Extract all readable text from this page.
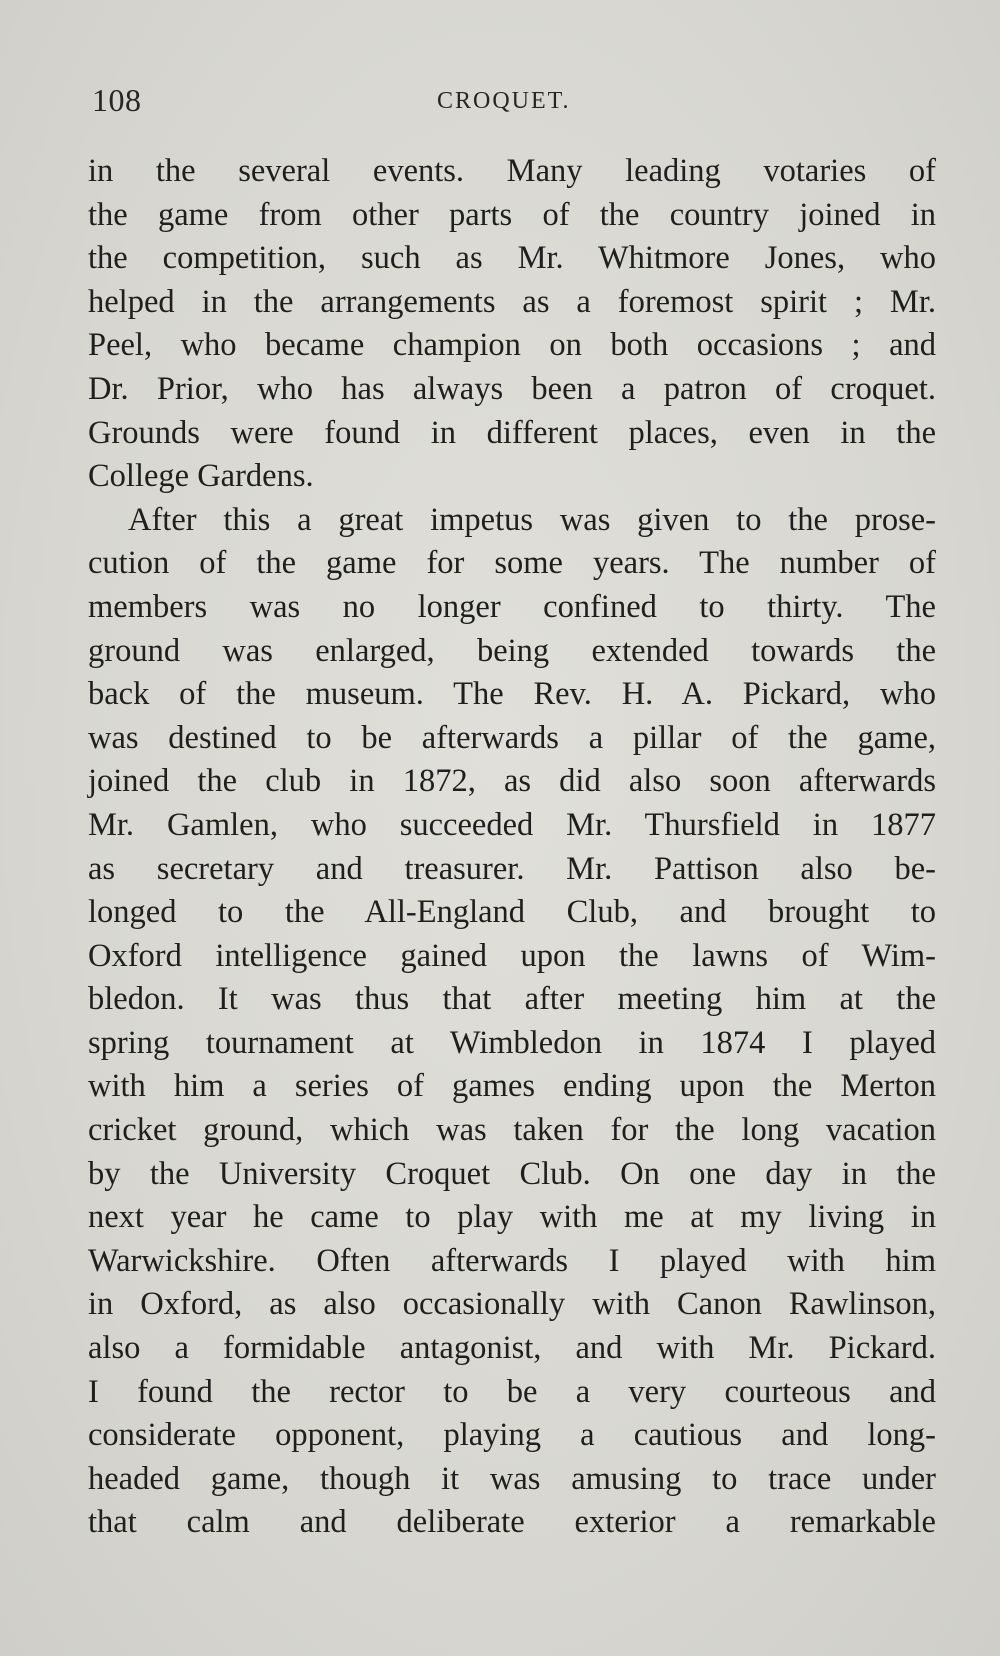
108	CROQUET.
in the several events. Many leading votaries of
the game from other parts of the country joined in
the competition, such as Mr. Whitmore Jones, who
helped in the arrangements as a foremost spirit ; Mr.
Peel, who became champion on both occasions ; and
Dr. Prior, who has always been a patron of croquet.
Grounds were found in different places, even in the
College Gardens.
After this a great impetus was given to the prose-
cution of the game for some years. The number of
members was no longer confined to thirty. The
ground was enlarged, being extended towards the
back of the museum. The Rev. H. A. Pickard, who
was destined to be afterwards a pillar of the game,
joined the club in 1872, as did also soon afterwards
Mr. Gamlen, who succeeded Mr. Thursfield in 1877
as secretary and treasurer. Mr. Pattison also be-
longed to the All-England Club, and brought to
Oxford intelligence gained upon the lawns of Wim-
bledon. It was thus that after meeting him at the
spring tournament at Wimbledon in 1874 I played
with him a series of games ending upon the Merton
cricket ground, which was taken for the long vacation
by the University Croquet Club. On one day in the
next year he came to play with me at my living in
Warwickshire. Often afterwards I played with him
in Oxford, as also occasionally with Canon Rawlinson,
also a formidable antagonist, and with Mr. Pickard.
I found the rector to be a very courteous and
considerate opponent, playing a cautious and long-
headed game, though it was amusing to trace under
that calm and deliberate exterior a remarkable
